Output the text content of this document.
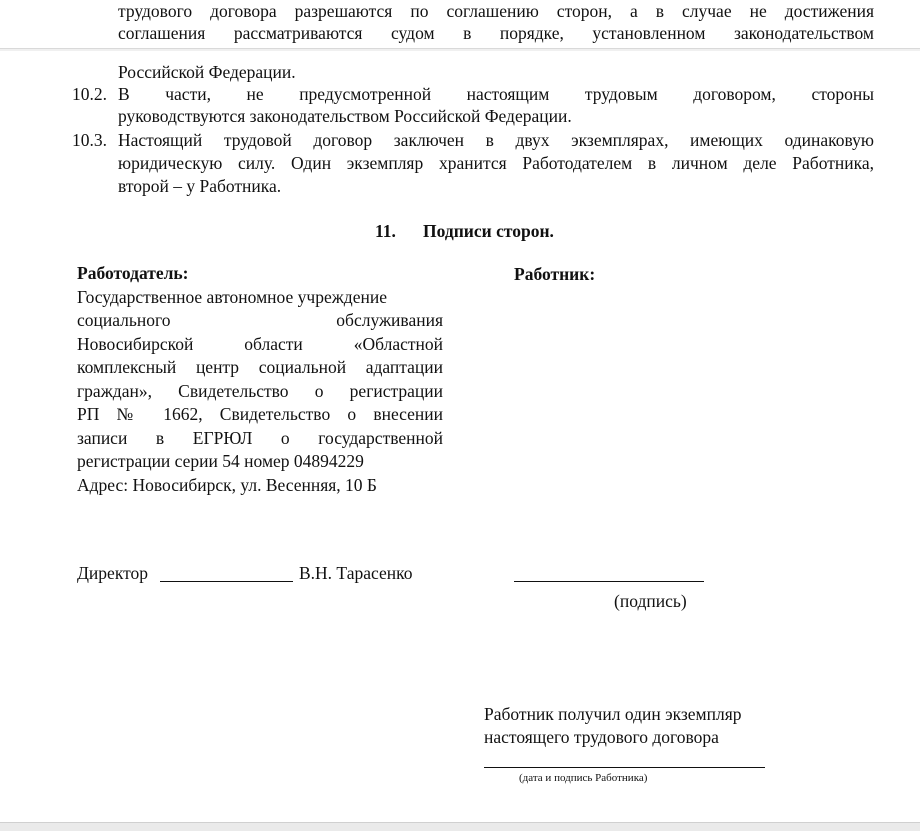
трудового договора разрешаются по соглашению сторон, а в случае не достижения
соглашения рассматриваются судом в порядке, установленном законодательством
Российской Федерации.
10.2. В части, не предусмотренной настоящим трудовым договором, стороны
руководствуются законодательством Российской Федерации.
10.3. Настоящий трудовой договор заключен в двух экземплярах, имеющих одинаковую
юридическую силу. Один экземпляр хранится Работодателем в личном деле Работника,
второй – у Работника.
11. Подписи сторон.
Работодатель:
Государственное автономное учреждение
социального обслуживания
Новосибирской области «Областной
комплексный центр социальной адаптации
граждан», Свидетельство о регистрации
РП № 1662, Свидетельство о внесении
записи в ЕГРЮЛ о государственной
регистрации серии 54 номер 04894229
Адрес: Новосибирск, ул. Весенняя, 10 Б
Работник:
Директор	В.Н. Тарасенко
(подпись)
Работник получил один экземпляр
настоящего трудового договора
(дата и подпись Работника)
